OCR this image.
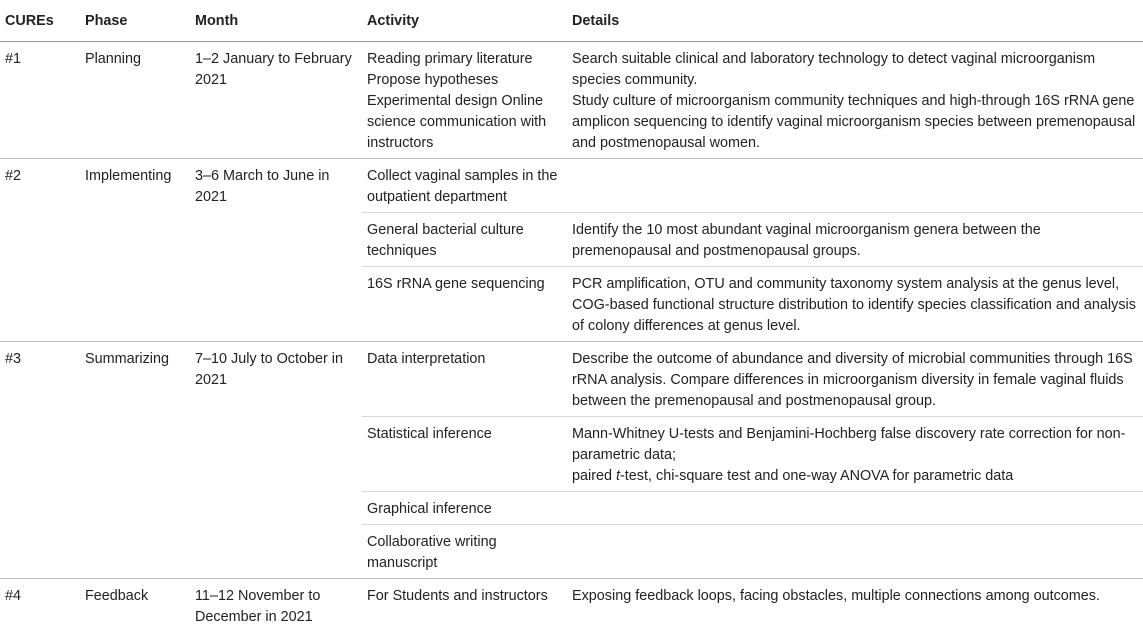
CUREs	Phase	Month	Activity	Details
#1	Planning	1–2 January to February 2021	Reading primary literature Propose hypotheses Experimental design Online science communication with instructors	Search suitable clinical and laboratory technology to detect vaginal microorganism species community.
Study culture of microorganism community techniques and high-through 16S rRNA gene amplicon sequencing to identify vaginal microorganism species between premenopausal and postmenopausal women.

#2	Implementing	3–6 March to June in 2021	Collect vaginal samples in the outpatient department	
			General bacterial culture techniques	Identify the 10 most abundant vaginal microorganism genera between the premenopausal and postmenopausal groups.
			16S rRNA gene sequencing	PCR amplification, OTU and community taxonomy system analysis at the genus level, COG-based functional structure distribution to identify species classification and analysis of colony differences at genus level.
#3	Summarizing	7–10 July to October in 2021	Data interpretation	Describe the outcome of abundance and diversity of microbial communities through 16S rRNA analysis. Compare differences in microorganism diversity in female vaginal fluids between the premenopausal and postmenopausal group.
			Statistical inference	Mann-Whitney U-tests and Benjamini-Hochberg false discovery rate correction for non-parametric data;
paired t-test, chi-square test and one-way ANOVA for parametric data

			Graphical inference	
			Collaborative writing manuscript	
#4	Feedback	11–12 November to December in 2021	For Students and instructors	Exposing feedback loops, facing obstacles, multiple connections among outcomes.
